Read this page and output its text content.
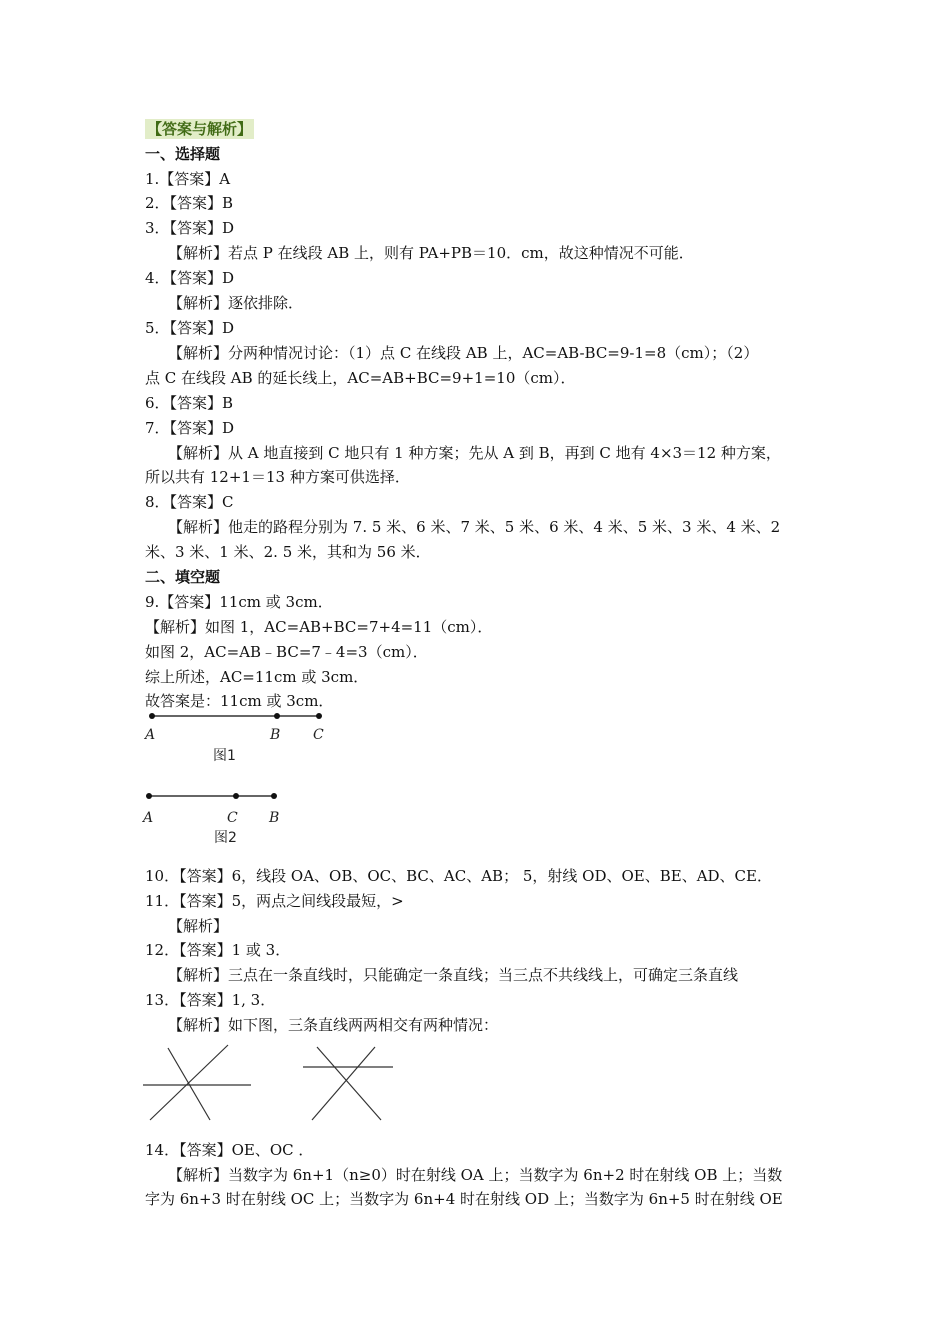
【答案与解析】
一、选择题
1.【答案】A
2．【答案】B
3．【答案】D
【解析】若点 P 在线段 AB 上，则有 PA+PB＝10．cm，故这种情况不可能．
4．【答案】D
【解析】逐依排除．
5．【答案】D
【解析】分两种情况讨论：（1）点 C 在线段 AB 上，AC=AB-BC=9-1=8（cm）；（2）
点 C 在线段 AB 的延长线上，AC=AB+BC=9+1=10（cm）．
6．【答案】B
7．【答案】D
【解析】从 A 地直接到 C 地只有 1 种方案；先从 A 到 B，再到 C 地有 4×3＝12 种方案，
所以共有 12+1＝13 种方案可供选择．
8．【答案】C
【解析】他走的路程分别为 7. 5 米、6 米、7 米、5 米、6 米、4 米、5 米、3 米、4 米、2
米、3 米、1 米、2. 5 米，其和为 56 米．
二、填空题
9.【答案】11cm 或 3cm．
【解析】如图 1，AC=AB+BC=7+4=11（cm）．
如图 2，AC=AB﹣BC=7﹣4=3（cm）．
综上所述，AC=11cm 或 3cm．
故答案是：11cm 或 3cm．
A	B C
图1
A	C B
图2
10．【答案】6，线段 OA、OB、OC、BC、AC、AB； 5，射线 OD、OE、BE、AD、CE．
11．【答案】5，两点之间线段最短，>
【解析】
12．【答案】1 或 3．
【解析】三点在一条直线时，只能确定一条直线；当三点不共线线上，可确定三条直线
13．【答案】1, 3．
【解析】如下图，三条直线两两相交有两种情况：
14．【答案】OE、OC ．
【解析】当数字为 6n+1（n≥0）时在射线 OA 上；当数字为 6n+2 时在射线 OB 上；当数
字为 6n+3 时在射线 OC 上；当数字为 6n+4 时在射线 OD 上；当数字为 6n+5 时在射线 OE
